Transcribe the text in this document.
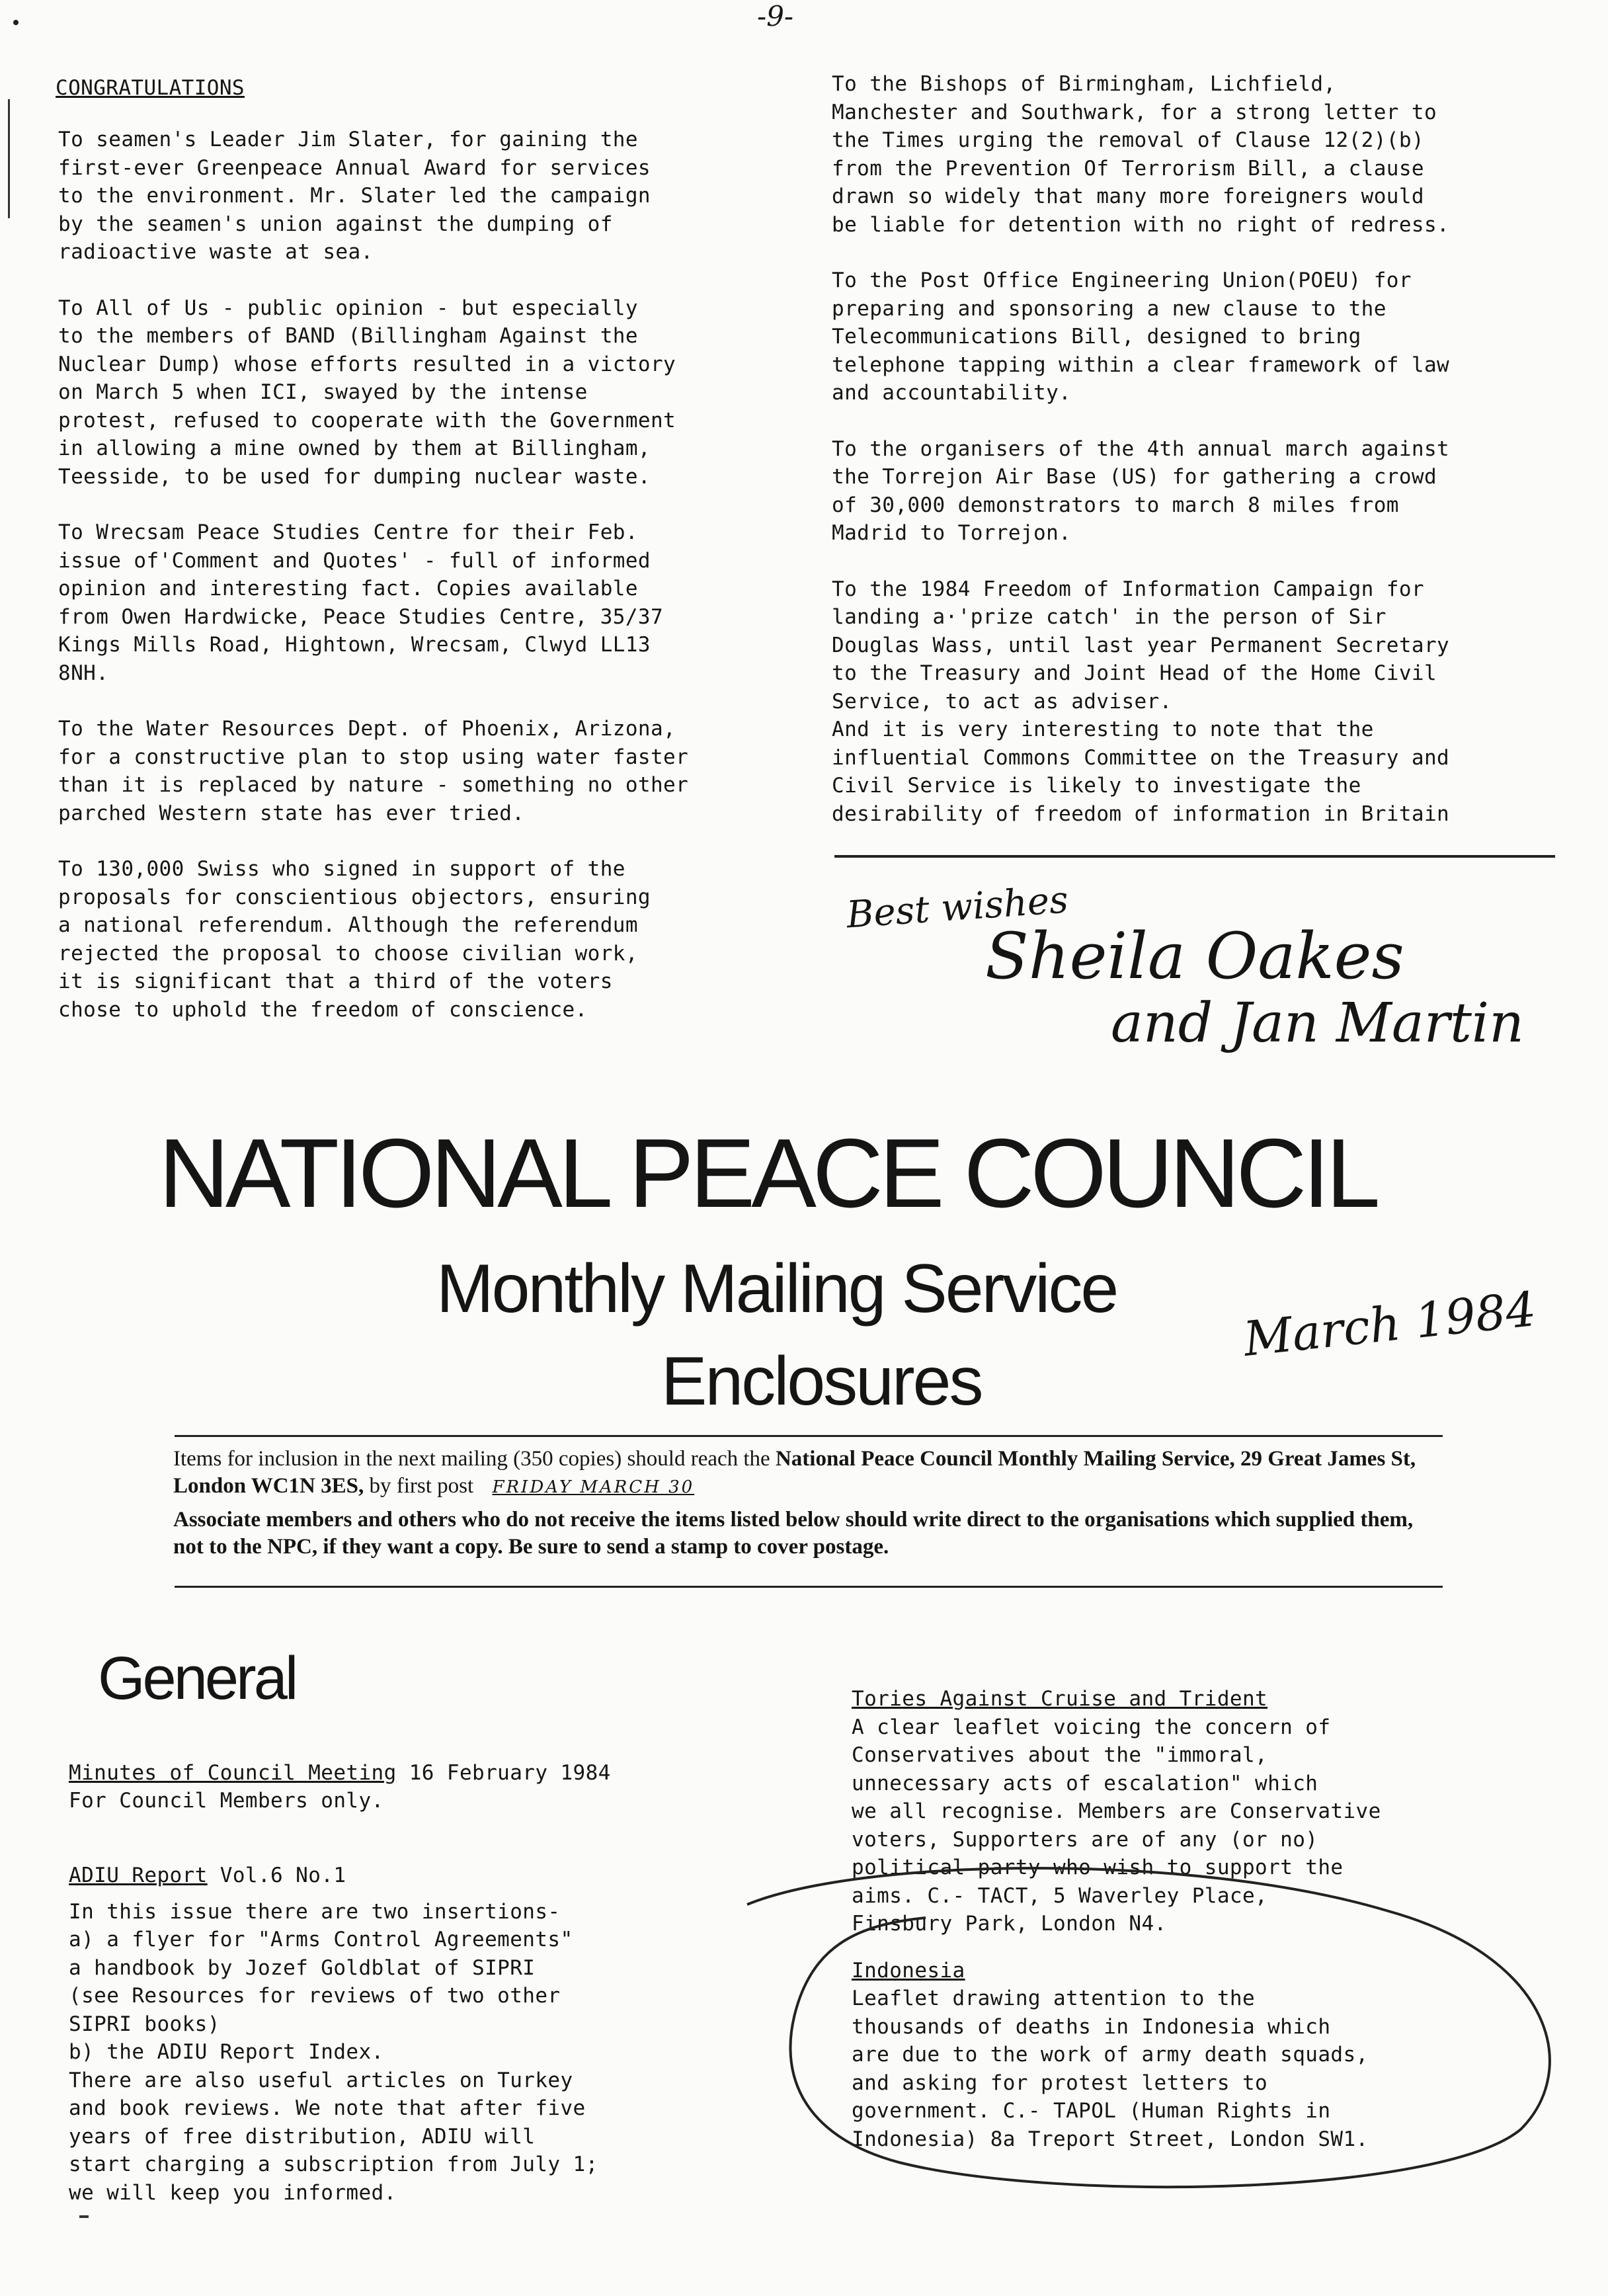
-9-
CONGRATULATIONS

To seamen's Leader Jim Slater, for gaining the
first-ever Greenpeace Annual Award for services
to the environment. Mr. Slater led the campaign
by the seamen's union against the dumping of
radioactive waste at sea.

To All of Us - public opinion - but especially
to the members of BAND (Billingham Against the
Nuclear Dump) whose efforts resulted in a victory
on March 5 when ICI, swayed by the intense
protest, refused to cooperate with the Government
in allowing a mine owned by them at Billingham,
Teesside, to be used for dumping nuclear waste.

To Wrecsam Peace Studies Centre for their Feb.
issue of'Comment and Quotes' - full of informed
opinion and interesting fact. Copies available
from Owen Hardwicke, Peace Studies Centre, 35/37
Kings Mills Road, Hightown, Wrecsam, Clwyd LL13
8NH.

To the Water Resources Dept. of Phoenix, Arizona,
for a constructive plan to stop using water faster
than it is replaced by nature - something no other
parched Western state has ever tried.

To 130,000 Swiss who signed in support of the
proposals for conscientious objectors, ensuring
a national referendum. Although the referendum
rejected the proposal to choose civilian work,
it is significant that a third of the voters
chose to uphold the freedom of conscience.

To the Bishops of Birmingham, Lichfield,
Manchester and Southwark, for a strong letter to
the Times urging the removal of Clause 12(2)(b)
from the Prevention Of Terrorism Bill, a clause
drawn so widely that many more foreigners would
be liable for detention with no right of redress.

To the Post Office Engineering Union(POEU) for
preparing and sponsoring a new clause to the
Telecommunications Bill, designed to bring
telephone tapping within a clear framework of law
and accountability.

To the organisers of the 4th annual march against
the Torrejon Air Base (US) for gathering a crowd
of 30,000 demonstrators to march 8 miles from
Madrid to Torrejon.

To the 1984 Freedom of Information Campaign for
landing a·'prize catch' in the person of Sir
Douglas Wass, until last year Permanent Secretary
to the Treasury and Joint Head of the Home Civil
Service, to act as adviser.
And it is very interesting to note that the
influential Commons Committee on the Treasury and
Civil Service is likely to investigate the
desirability of freedom of information in Britain

Best wishes
Sheila Oakes
and Jan Martin
NATIONAL PEACE COUNCIL
Monthly Mailing Service
Enclosures
March 1984

Items for inclusion in the next mailing (350 copies) should reach the National Peace Council Monthly Mailing Service, 29 Great James St, London WC1N 3ES, by first post FRIDAY MARCH 30

Associate members and others who do not receive the items listed below should write direct to the organisations which supplied them, not to the NPC, if they want a copy. Be sure to send a stamp to cover postage.

General

Minutes of Council Meeting 16 February 1984

For Council Members only.

ADIU Report Vol.6 No.1

In this issue there are two insertions-
a) a flyer for "Arms Control Agreements"
a handbook by Jozef Goldblat of SIPRI
(see Resources for reviews of two other
SIPRI books)
b) the ADIU Report Index.
There are also useful articles on Turkey
and book reviews. We note that after five
years of free distribution, ADIU will
start charging a subscription from July 1;
we will keep you informed.

Tories Against Cruise and Trident

A clear leaflet voicing the concern of
Conservatives about the "immoral,
unnecessary acts of escalation" which
we all recognise. Members are Conservative
voters, Supporters are of any (or no)
political party who wish to support the
aims. C.- TACT, 5 Waverley Place,
Finsbury Park, London N4.

Indonesia

Leaflet drawing attention to the
thousands of deaths in Indonesia which
are due to the work of army death squads,
and asking for protest letters to
government. C.- TAPOL (Human Rights in
Indonesia) 8a Treport Street, London SW1.
